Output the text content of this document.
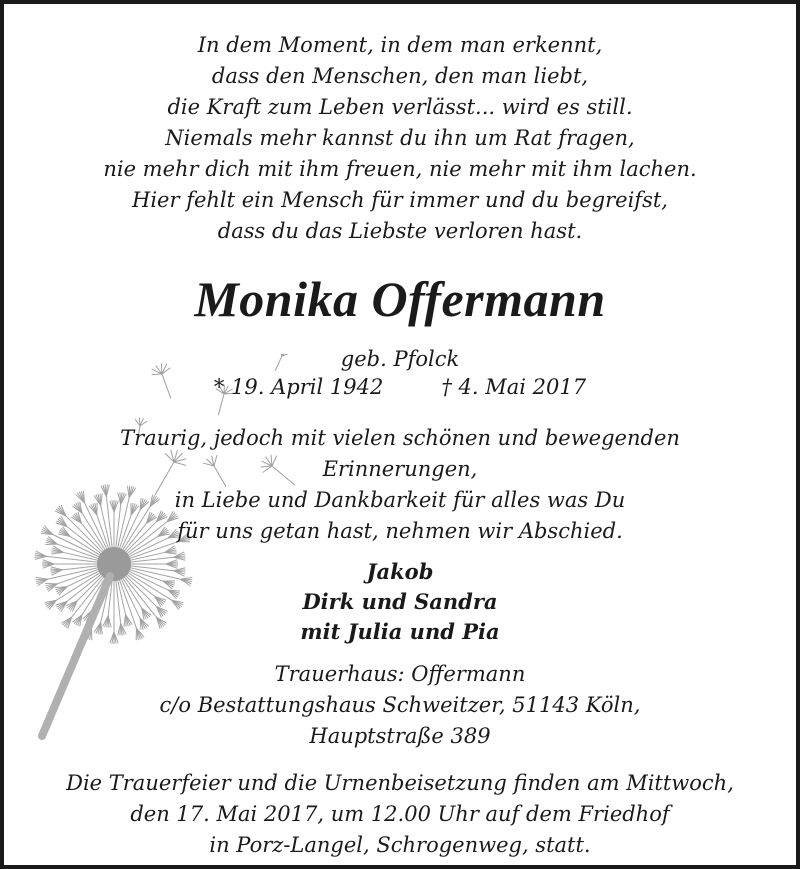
In dem Moment, in dem man erkennt,
dass den Menschen, den man liebt,
die Kraft zum Leben verlässt... wird es still.
Niemals mehr kannst du ihn um Rat fragen,
nie mehr dich mit ihm freuen, nie mehr mit ihm lachen.
Hier fehlt ein Mensch für immer und du begreifst,
dass du das Liebste verloren hast.
Monika Offermann
geb. Pfolck
* 19. April 1942	† 4. Mai 2017
Traurig, jedoch mit vielen schönen und bewegenden
Erinnerungen,
in Liebe und Dankbarkeit für alles was Du
für uns getan hast, nehmen wir Abschied.
Jakob
Dirk und Sandra
mit Julia und Pia
Trauerhaus: Offermann
c/o Bestattungshaus Schweitzer, 51143 Köln,
Hauptstraße 389
Die Trauerfeier und die Urnenbeisetzung finden am Mittwoch,
den 17. Mai 2017, um 12.00 Uhr auf dem Friedhof
in Porz-Langel, Schrogenweg, statt.
